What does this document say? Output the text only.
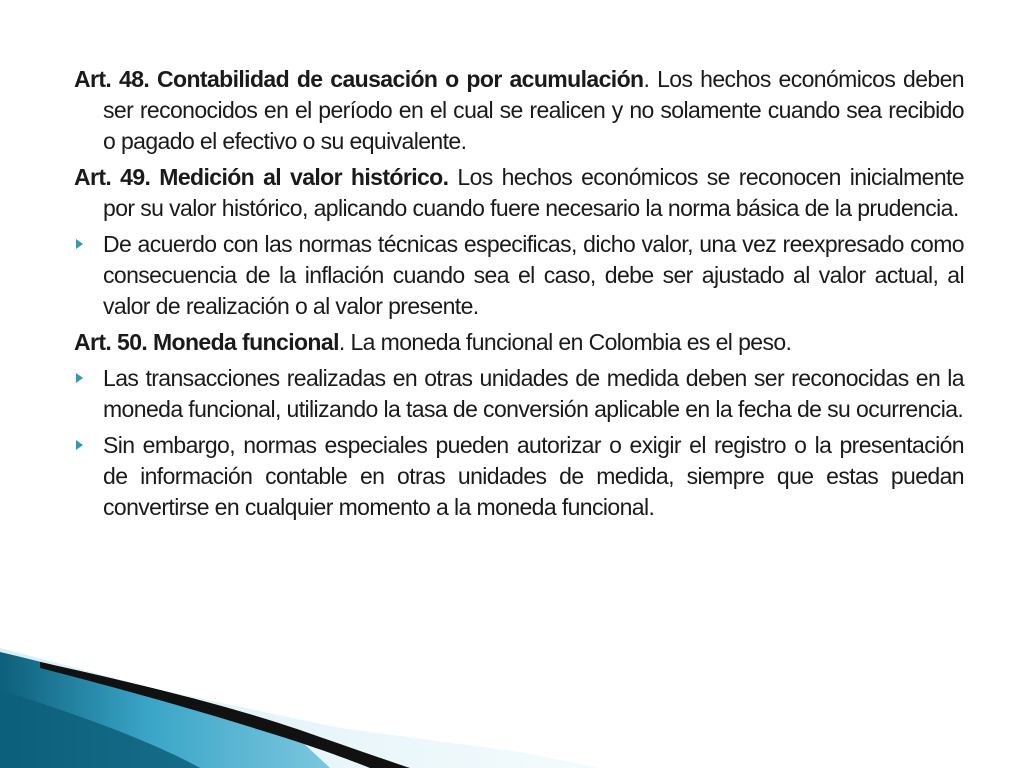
Art. 48. Contabilidad de causación o por acumulación. Los hechos económicos deben ser reconocidos en el período en el cual se realicen y no solamente cuando sea recibido o pagado el efectivo o su equivalente.

Art. 49. Medición al valor histórico. Los hechos económicos se reconocen inicialmente por su valor histórico, aplicando cuando fuere necesario la norma básica de la prudencia.

De acuerdo con las normas técnicas especificas, dicho valor, una vez reexpresado como consecuencia de la inflación cuando sea el caso, debe ser ajustado al valor actual, al valor de realización o al valor presente.

Art. 50. Moneda funcional. La moneda funcional en Colombia es el peso.

Las transacciones realizadas en otras unidades de medida deben ser reconocidas en la moneda funcional, utilizando la tasa de conversión aplicable en la fecha de su ocurrencia.

Sin embargo, normas especiales pueden autorizar o exigir el registro o la presentación de información contable en otras unidades de medida, siempre que estas puedan convertirse en cualquier momento a la moneda funcional.
